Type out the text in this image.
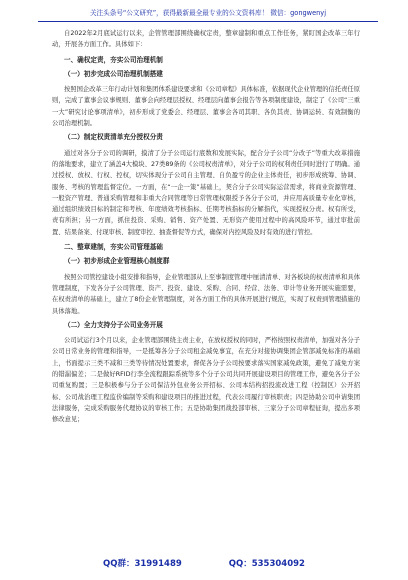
关注头条号“公文研究”，获得最新最全最专业的公文资料库！ 微信：gongwenyj

自2022年2月底试运行以来，企管管理部围绕确权定责，整章建制和重点工作任务，紧盯国企改革三年行动，开展各方面工作。具体如下：

一、确权定责，夯实公司治理机制
（一）初步完成公司治理机制搭建

按照国企改革三年行动计划和集团体系建设要求和《公司章程》具体标准，依据现代企业管理的信托责任原则，完成了董事会议事规则、董事会向经理层授权、经理层向董事会报告等各项制度建设，制定了《公司“三重一大”研究讨论事项清单》，初步形成了党委会、经理层、董事会各司其职、各负其责、协调运转、有效制衡的公司治理机制。

（二）制定权责清单充分授权分责

通过对各分子公司的调研，摸清了分子公司运行底数和发展实际，配合分子公司“分改子”等重大改革措施的落地要求，建立了涵盖4大模块、27类89条的《公司权责清单》，对分子公司的权利责任同时进行了明确。通过授权、放权、行权、控权，切实体现分子公司自主管理、自负盈亏的企业主体责任，初步形成统筹、协调、服务、考核的管理监督定位。一方面，在“一企一策”基础上，契合分子公司实际运营需求，将商业资源管理、一般资产管理、普通采购管理和非重大合同管理等日常管理权限授予各分子公司，并应用高质量专业化审核，通过组织绩效目标的制定和考核、年度绩效考核指标、任期考核指标的分解指代，实现授权分责。权有所受，责有所担；另一方面，抓住投资、采购、销售、资产处置、无形资产使用过程中的高风险环节，通过审批前置、结果备案、付现审核、制度审控、抽查督促等方式，确保对内控风险及时有效的进行管控。

二、整章建制，夯实公司管理基础
（一）初步形成企业管理核心制度群

按照公司管控建设小组安排和指导，企业管理部从上至事制度管理中厘清清单、对各板块的权责清单和具体管理制度，下发各分子公司管理、资产、投资、建设、采购、合同、经营、法务、审计等业务开展实施需要，在权责清单的基础上，建立了8份企业管理制度，对各方面工作的具体开展进行规范，实现了权责到管理措施的具体落地。

（二）全力支持分子公司业务开展

公司试运行3个月以来，企业管理部围绕主责主业，在放权授权的同时，严格按照权责清单，加强对各分子公司日常业务的管理和指导，一是抵筹各分子公司租金减免事宜，在充分对接协调集团企管部减免标准的基础上，书面提示三类不减和三类等待情况处置要求，督促各分子公司按要求落实国家减免政策，避免了减免方案的错漏偏差；二是做好RFID行李全流程跟踪系统等多个分子公司共同开展建设项目的管理工作，避免各分子公司重复购置；三是积极参与分子公司保洁外包业务公开招标、公司本结构招投流改进工程（控制区）公开招标、公司战治理工程监价编制等采购和建设项目的推进过程，代表公司履行审核职责；四是协助公司申请集团法律服务，完成采购服务代理协议的审核工作；五是协助集团战投部审核、三家分子公司章程征询，提出多项修改意见；

QQ群：31991489	QQ：535304092
